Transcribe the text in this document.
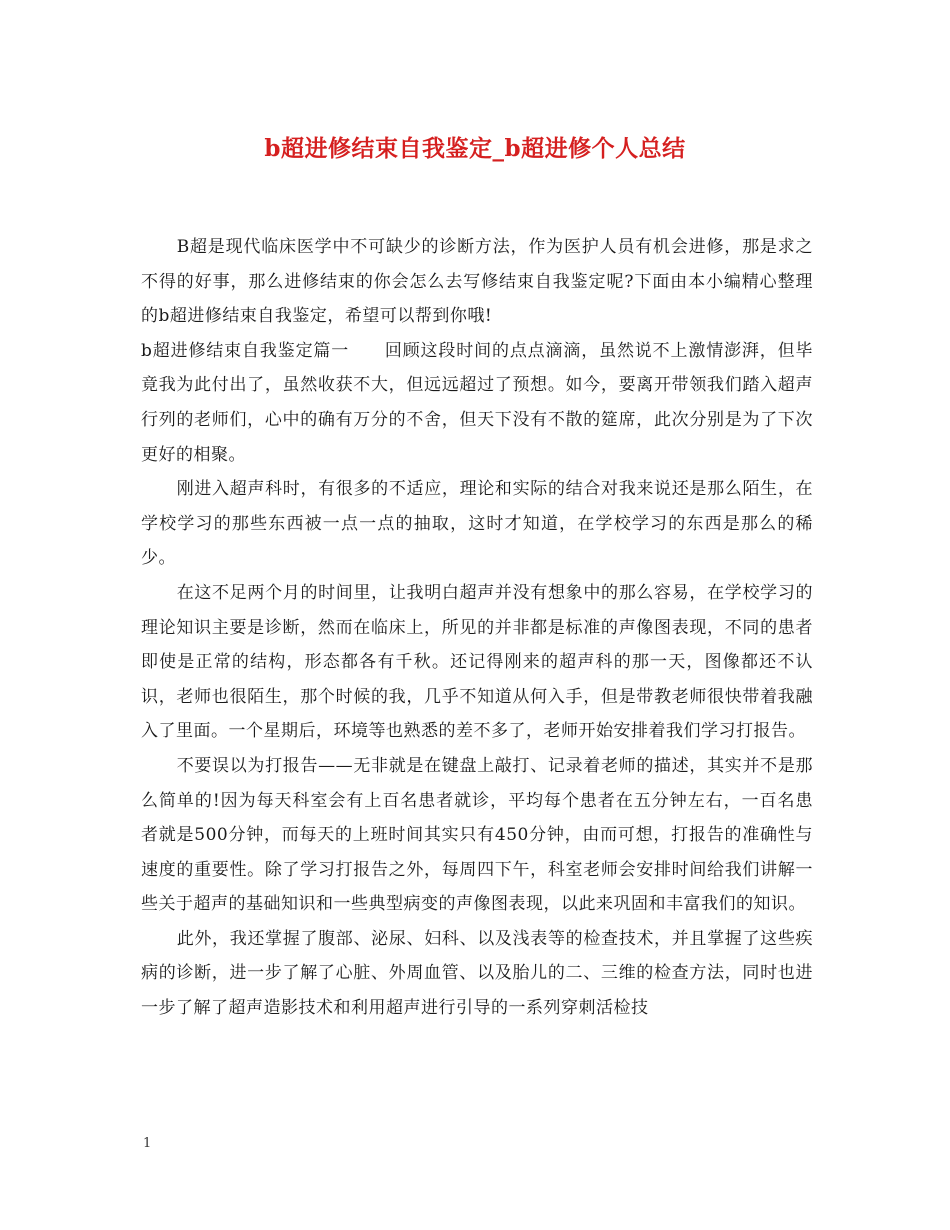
b超进修结束自我鉴定_b超进修个人总结

B超是现代临床医学中不可缺少的诊断方法，作为医护人员有机会进修，那是求之不得的好事，那么进修结束的你会怎么去写修结束自我鉴定呢?下面由本小编精心整理的b超进修结束自我鉴定，希望可以帮到你哦!

b超进修结束自我鉴定篇一　　回顾这段时间的点点滴滴，虽然说不上激情澎湃，但毕竟我为此付出了，虽然收获不大，但远远超过了预想。如今，要离开带领我们踏入超声行列的老师们，心中的确有万分的不舍，但天下没有不散的筵席，此次分别是为了下次更好的相聚。

刚进入超声科时，有很多的不适应，理论和实际的结合对我来说还是那么陌生，在学校学习的那些东西被一点一点的抽取，这时才知道，在学校学习的东西是那么的稀少。

在这不足两个月的时间里，让我明白超声并没有想象中的那么容易，在学校学习的理论知识主要是诊断，然而在临床上，所见的并非都是标准的声像图表现，不同的患者即使是正常的结构，形态都各有千秋。还记得刚来的超声科的那一天，图像都还不认识，老师也很陌生，那个时候的我，几乎不知道从何入手，但是带教老师很快带着我融入了里面。一个星期后，环境等也熟悉的差不多了，老师开始安排着我们学习打报告。

不要误以为打报告——无非就是在键盘上敲打、记录着老师的描述，其实并不是那么简单的!因为每天科室会有上百名患者就诊，平均每个患者在五分钟左右，一百名患者就是500分钟，而每天的上班时间其实只有450分钟，由而可想，打报告的准确性与速度的重要性。除了学习打报告之外，每周四下午，科室老师会安排时间给我们讲解一些关于超声的基础知识和一些典型病变的声像图表现，以此来巩固和丰富我们的知识。

此外，我还掌握了腹部、泌尿、妇科、以及浅表等的检查技术，并且掌握了这些疾病的诊断，进一步了解了心脏、外周血管、以及胎儿的二、三维的检查方法，同时也进一步了解了超声造影技术和利用超声进行引导的一系列穿刺活检技

1
